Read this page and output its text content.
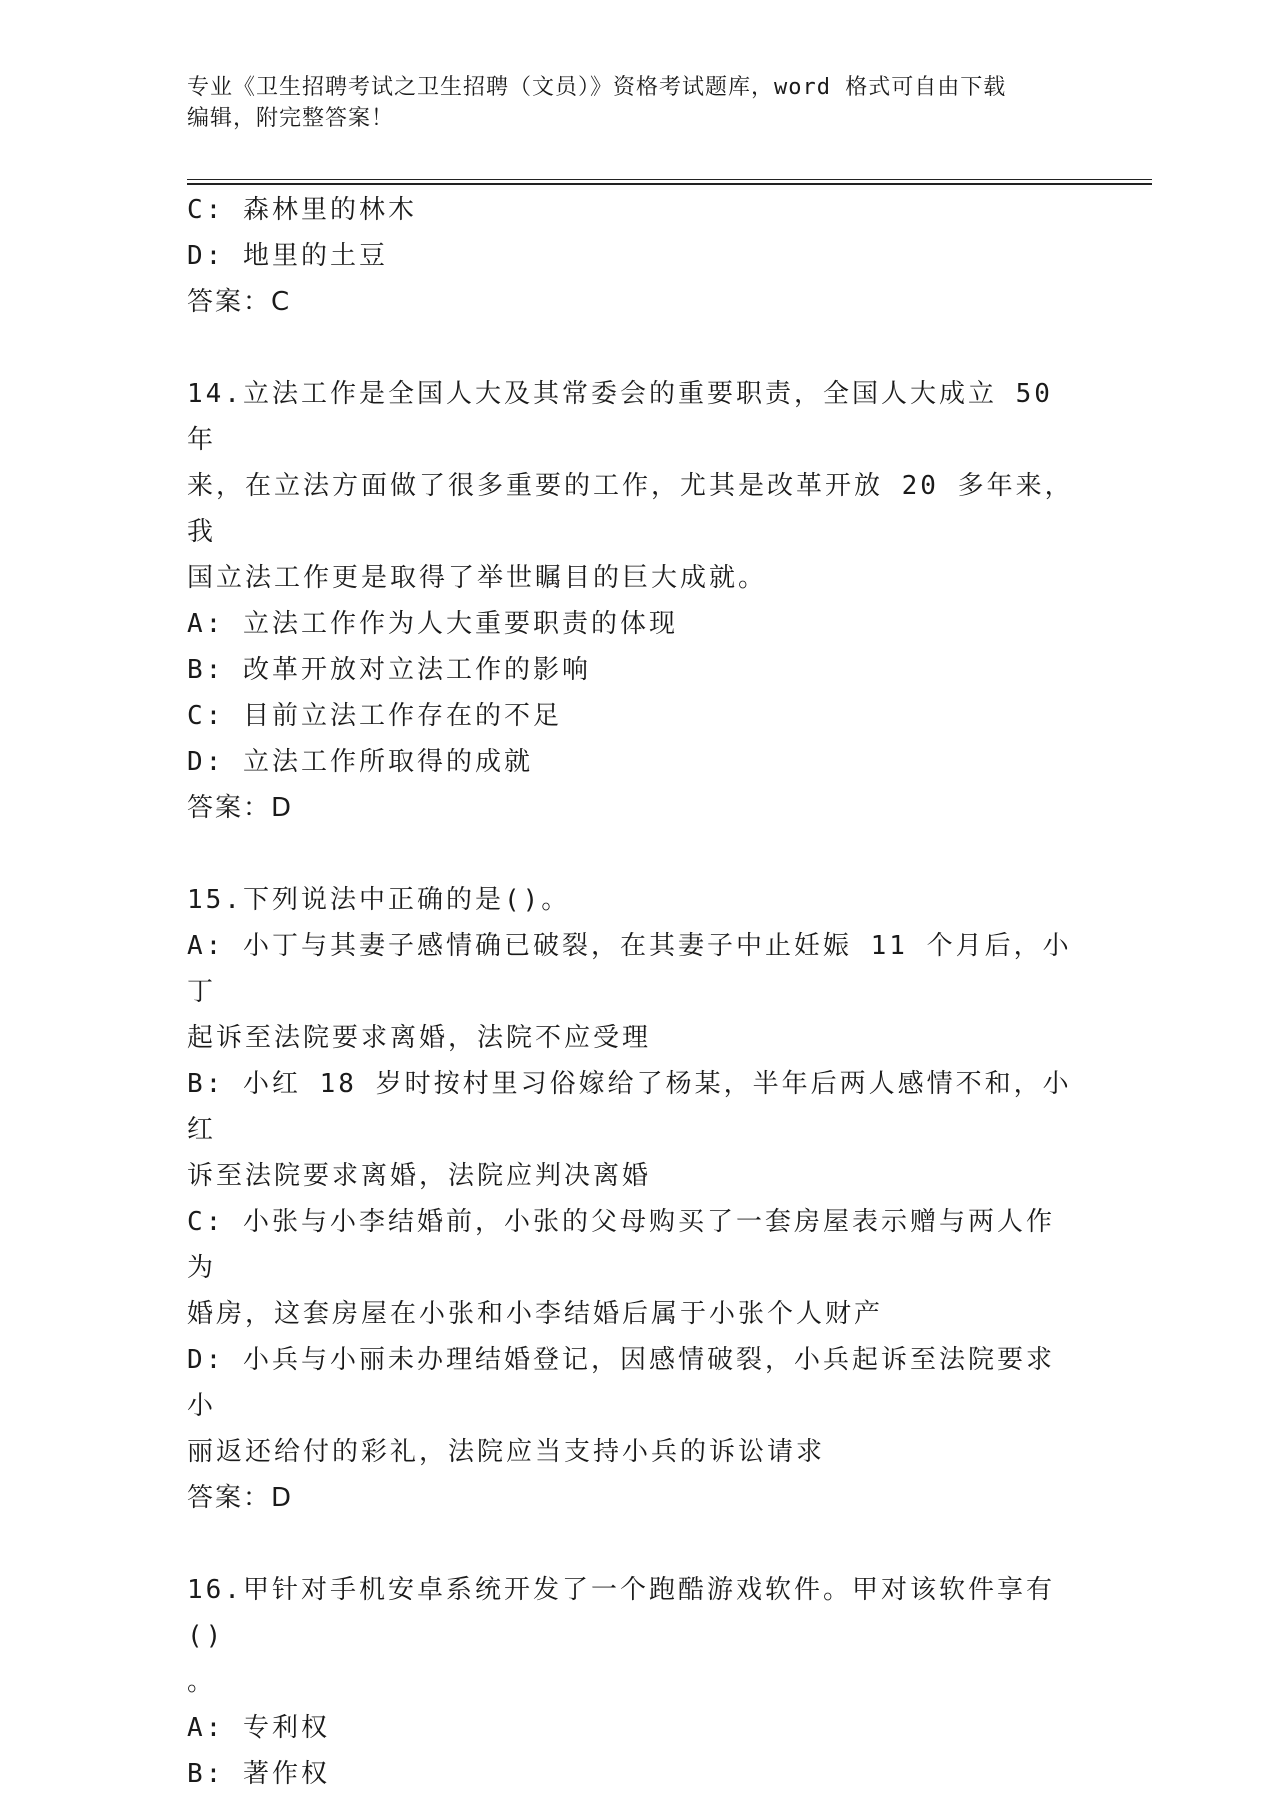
专业《卫生招聘考试之卫生招聘（文员）》资格考试题库，word 格式可自由下载
编辑，附完整答案！
C: 森林里的林木
D: 地里的土豆
答案：C
14.立法工作是全国人大及其常委会的重要职责，全国人大成立 50 年
来，在立法方面做了很多重要的工作，尤其是改革开放 20 多年来，我
国立法工作更是取得了举世瞩目的巨大成就。
A: 立法工作作为人大重要职责的体现
B: 改革开放对立法工作的影响
C: 目前立法工作存在的不足
D: 立法工作所取得的成就
答案：D
15.下列说法中正确的是()。
A: 小丁与其妻子感情确已破裂，在其妻子中止妊娠 11 个月后，小丁
起诉至法院要求离婚，法院不应受理
B: 小红 18 岁时按村里习俗嫁给了杨某，半年后两人感情不和，小红
诉至法院要求离婚，法院应判决离婚
C: 小张与小李结婚前，小张的父母购买了一套房屋表示赠与两人作为
婚房，这套房屋在小张和小李结婚后属于小张个人财产
D: 小兵与小丽未办理结婚登记，因感情破裂，小兵起诉至法院要求小
丽返还给付的彩礼，法院应当支持小兵的诉讼请求
答案：D
16.甲针对手机安卓系统开发了一个跑酷游戏软件。甲对该软件享有()
。
A: 专利权
B: 著作权
